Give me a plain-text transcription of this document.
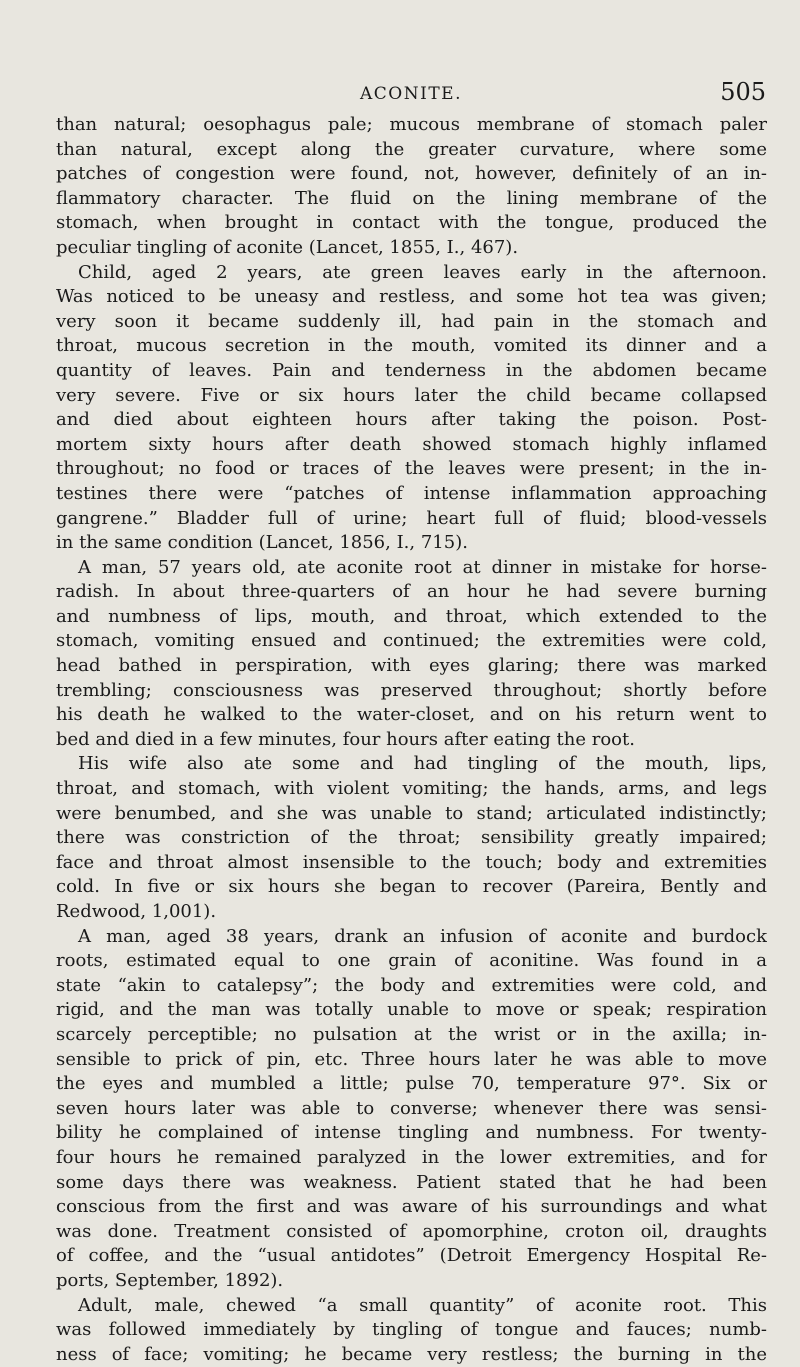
ACONITE.	505
than natural; oesophagus pale; mucous membrane of stomach paler
than natural, except along the greater curvature, where some
patches of congestion were found, not, however, definitely of an in-
flammatory character. The fluid on the lining membrane of the
stomach, when brought in contact with the tongue, produced the
peculiar tingling of aconite (Lancet, 1855, I., 467).
Child, aged 2 years, ate green leaves early in the afternoon.
Was noticed to be uneasy and restless, and some hot tea was given;
very soon it became suddenly ill, had pain in the stomach and
throat, mucous secretion in the mouth, vomited its dinner and a
quantity of leaves. Pain and tenderness in the abdomen became
very severe. Five or six hours later the child became collapsed
and died about eighteen hours after taking the poison. Post-
mortem sixty hours after death showed stomach highly inflamed
throughout; no food or traces of the leaves were present; in the in-
testines there were “patches of intense inflammation approaching
gangrene.” Bladder full of urine; heart full of fluid; blood-vessels
in the same condition (Lancet, 1856, I., 715).
A man, 57 years old, ate aconite root at dinner in mistake for horse-
radish. In about three-quarters of an hour he had severe burning
and numbness of lips, mouth, and throat, which extended to the
stomach, vomiting ensued and continued; the extremities were cold,
head bathed in perspiration, with eyes glaring; there was marked
trembling; consciousness was preserved throughout; shortly before
his death he walked to the water-closet, and on his return went to
bed and died in a few minutes, four hours after eating the root.
His wife also ate some and had tingling of the mouth, lips,
throat, and stomach, with violent vomiting; the hands, arms, and legs
were benumbed, and she was unable to stand; articulated indistinctly;
there was constriction of the throat; sensibility greatly impaired;
face and throat almost insensible to the touch; body and extremities
cold. In five or six hours she began to recover (Pareira, Bently and
Redwood, 1,001).
A man, aged 38 years, drank an infusion of aconite and burdock
roots, estimated equal to one grain of aconitine. Was found in a
state “akin to catalepsy”; the body and extremities were cold, and
rigid, and the man was totally unable to move or speak; respiration
scarcely perceptible; no pulsation at the wrist or in the axilla; in-
sensible to prick of pin, etc. Three hours later he was able to move
the eyes and mumbled a little; pulse 70, temperature 97°. Six or
seven hours later was able to converse; whenever there was sensi-
bility he complained of intense tingling and numbness. For twenty-
four hours he remained paralyzed in the lower extremities, and for
some days there was weakness. Patient stated that he had been
conscious from the first and was aware of his surroundings and what
was done. Treatment consisted of apomorphine, croton oil, draughts
of coffee, and the “usual antidotes” (Detroit Emergency Hospital Re-
ports, September, 1892).
Adult, male, chewed “a small quantity” of aconite root. This
was followed immediately by tingling of tongue and fauces; numb-
ness of face; vomiting; he became very restless; the burning in the
